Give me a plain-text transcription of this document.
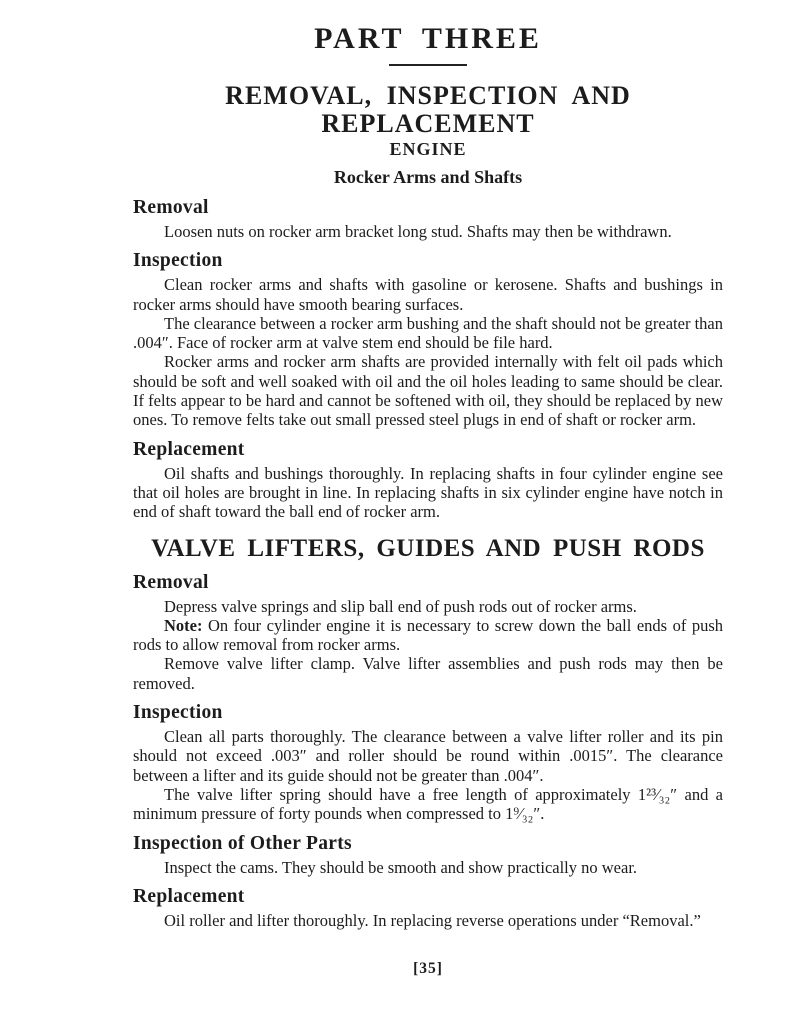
PART THREE
REMOVAL, INSPECTION AND REPLACEMENT
ENGINE
Rocker Arms and Shafts
Removal

Loosen nuts on rocker arm bracket long stud. Shafts may then be withdrawn.

Inspection

Clean rocker arms and shafts with gasoline or kerosene. Shafts and bushings in rocker arms should have smooth bearing surfaces.

The clearance between a rocker arm bushing and the shaft should not be greater than .004″. Face of rocker arm at valve stem end should be file hard.

Rocker arms and rocker arm shafts are provided internally with felt oil pads which should be soft and well soaked with oil and the oil holes leading to same should be clear. If felts appear to be hard and cannot be softened with oil, they should be replaced by new ones. To remove felts take out small pressed steel plugs in end of shaft or rocker arm.

Replacement

Oil shafts and bushings thoroughly. In replacing shafts in four cylinder engine see that oil holes are brought in line. In replacing shafts in six cylinder engine have notch in end of shaft toward the ball end of rocker arm.

VALVE LIFTERS, GUIDES AND PUSH RODS
Removal

Depress valve springs and slip ball end of push rods out of rocker arms.

Note: On four cylinder engine it is necessary to screw down the ball ends of push rods to allow removal from rocker arms.

Remove valve lifter clamp. Valve lifter assemblies and push rods may then be removed.

Inspection

Clean all parts thoroughly. The clearance between a valve lifter roller and its pin should not exceed .003″ and roller should be round within .0015″. The clearance between a lifter and its guide should not be greater than .004″.

The valve lifter spring should have a free length of approximately 1²³⁄₃₂″ and a minimum pressure of forty pounds when compressed to 1⁹⁄₃₂″.

Inspection of Other Parts

Inspect the cams. They should be smooth and show practically no wear.

Replacement

Oil roller and lifter thoroughly. In replacing reverse operations under “Removal.”

[35]
